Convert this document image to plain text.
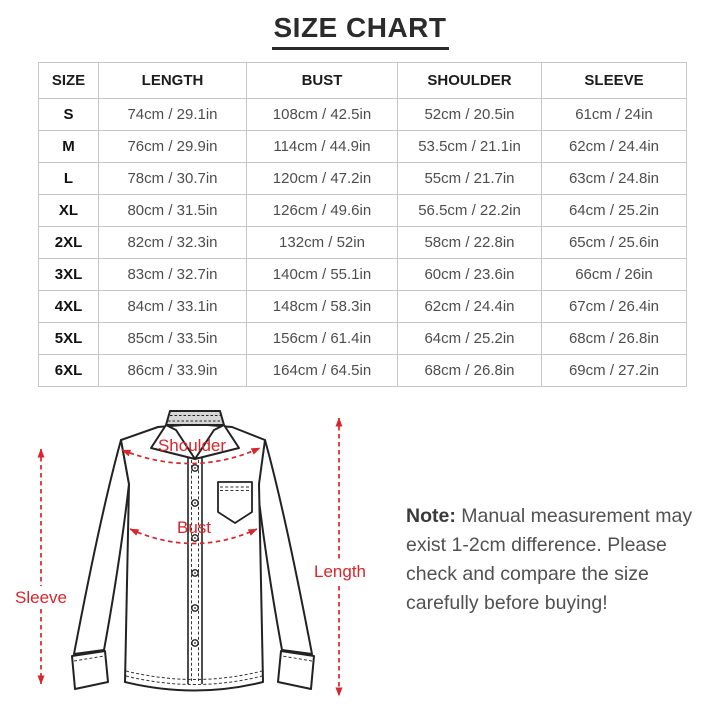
SIZE CHART
SIZE	LENGTH	BUST	SHOULDER	SLEEVE
S	74cm / 29.1in	108cm / 42.5in	52cm / 20.5in	61cm / 24in
M	76cm / 29.9in	114cm / 44.9in	53.5cm / 21.1in	62cm / 24.4in
L	78cm / 30.7in	120cm / 47.2in	55cm / 21.7in	63cm / 24.8in
XL	80cm / 31.5in	126cm / 49.6in	56.5cm / 22.2in	64cm / 25.2in
2XL	82cm / 32.3in	132cm / 52in	58cm / 22.8in	65cm / 25.6in
3XL	83cm / 32.7in	140cm / 55.1in	60cm / 23.6in	66cm / 26in
4XL	84cm / 33.1in	148cm / 58.3in	62cm / 24.4in	67cm / 26.4in
5XL	85cm / 33.5in	156cm / 61.4in	64cm / 25.2in	68cm / 26.8in
6XL	86cm / 33.9in	164cm / 64.5in	68cm / 26.8in	69cm / 27.2in
Shoulder
Bust
Sleeve
Length

Note: Manual measurement may exist 1-2cm difference. Please check and compare the size carefully before buying!
